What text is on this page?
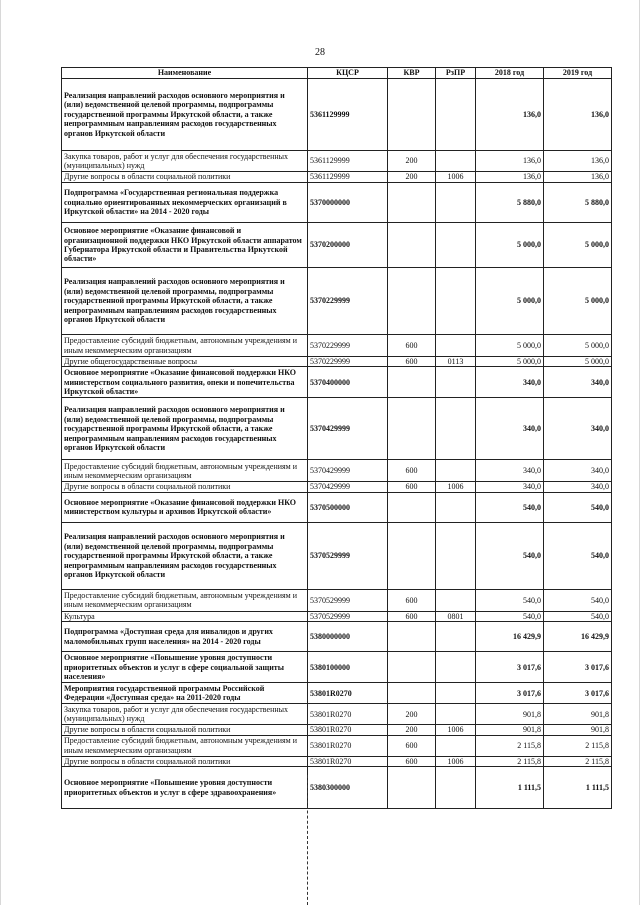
28
Наименование	КЦСР	КВР	РзПР	2018 год	2019 год
Реализация направлений расходов основного мероприятия и (или) ведомственной целевой программы, подпрограммы государственной программы Иркутской области, а также непрограммным направлениям расходов государственных органов Иркутской области	5361129999			136,0	136,0
Закупка товаров, работ и услуг для обеспечения государственных (муниципальных) нужд	5361129999	200		136,0	136,0
Другие вопросы в области социальной политики	5361129999	200	1006	136,0	136,0
Подпрограмма «Государственная региональная поддержка социально ориентированных некоммерческих организаций в Иркутской области» на 2014 - 2020 годы	5370000000			5 880,0	5 880,0
Основное мероприятие «Оказание финансовой и организационной поддержки НКО Иркутской области аппаратом Губернатора Иркутской области и Правительства Иркутской области»	5370200000			5 000,0	5 000,0
Реализация направлений расходов основного мероприятия и (или) ведомственной целевой программы, подпрограммы государственной программы Иркутской области, а также непрограммным направлениям расходов государственных органов Иркутской области	5370229999			5 000,0	5 000,0
Предоставление субсидий бюджетным, автономным учреждениям и иным некоммерческим организациям	5370229999	600		5 000,0	5 000,0
Другие общегосударственные вопросы	5370229999	600	0113	5 000,0	5 000,0
Основное мероприятие «Оказание финансовой поддержки НКО министерством социального развития, опеки и попечительства Иркутской области»	5370400000			340,0	340,0
Реализация направлений расходов основного мероприятия и (или) ведомственной целевой программы, подпрограммы государственной программы Иркутской области, а также непрограммным направлениям расходов государственных органов Иркутской области	5370429999			340,0	340,0
Предоставление субсидий бюджетным, автономным учреждениям и иным некоммерческим организациям	5370429999	600		340,0	340,0
Другие вопросы в области социальной политики	5370429999	600	1006	340,0	340,0
Основное мероприятие «Оказание финансовой поддержки НКО министерством культуры и архивов Иркутской области»	5370500000			540,0	540,0
Реализация направлений расходов основного мероприятия и (или) ведомственной целевой программы, подпрограммы государственной программы Иркутской области, а также непрограммным направлениям расходов государственных органов Иркутской области	5370529999			540,0	540,0
Предоставление субсидий бюджетным, автономным учреждениям и иным некоммерческим организациям	5370529999	600		540,0	540,0
Культура	5370529999	600	0801	540,0	540,0
Подпрограмма «Доступная среда для инвалидов и других маломобильных групп населения» на 2014 - 2020 годы	5380000000			16 429,9	16 429,9
Основное мероприятие «Повышение уровня доступности приоритетных объектов и услуг в сфере социальной защиты населения»	5380100000			3 017,6	3 017,6
Мероприятия государственной программы Российской Федерации «Доступная среда» на 2011-2020 годы	53801R0270			3 017,6	3 017,6
Закупка товаров, работ и услуг для обеспечения государственных (муниципальных) нужд	53801R0270	200		901,8	901,8
Другие вопросы в области социальной политики	53801R0270	200	1006	901,8	901,8
Предоставление субсидий бюджетным, автономным учреждениям и иным некоммерческим организациям	53801R0270	600		2 115,8	2 115,8
Другие вопросы в области социальной политики	53801R0270	600	1006	2 115,8	2 115,8
Основное мероприятие «Повышение уровня доступности приоритетных объектов и услуг в сфере здравоохранения»	5380300000			1 111,5	1 111,5
